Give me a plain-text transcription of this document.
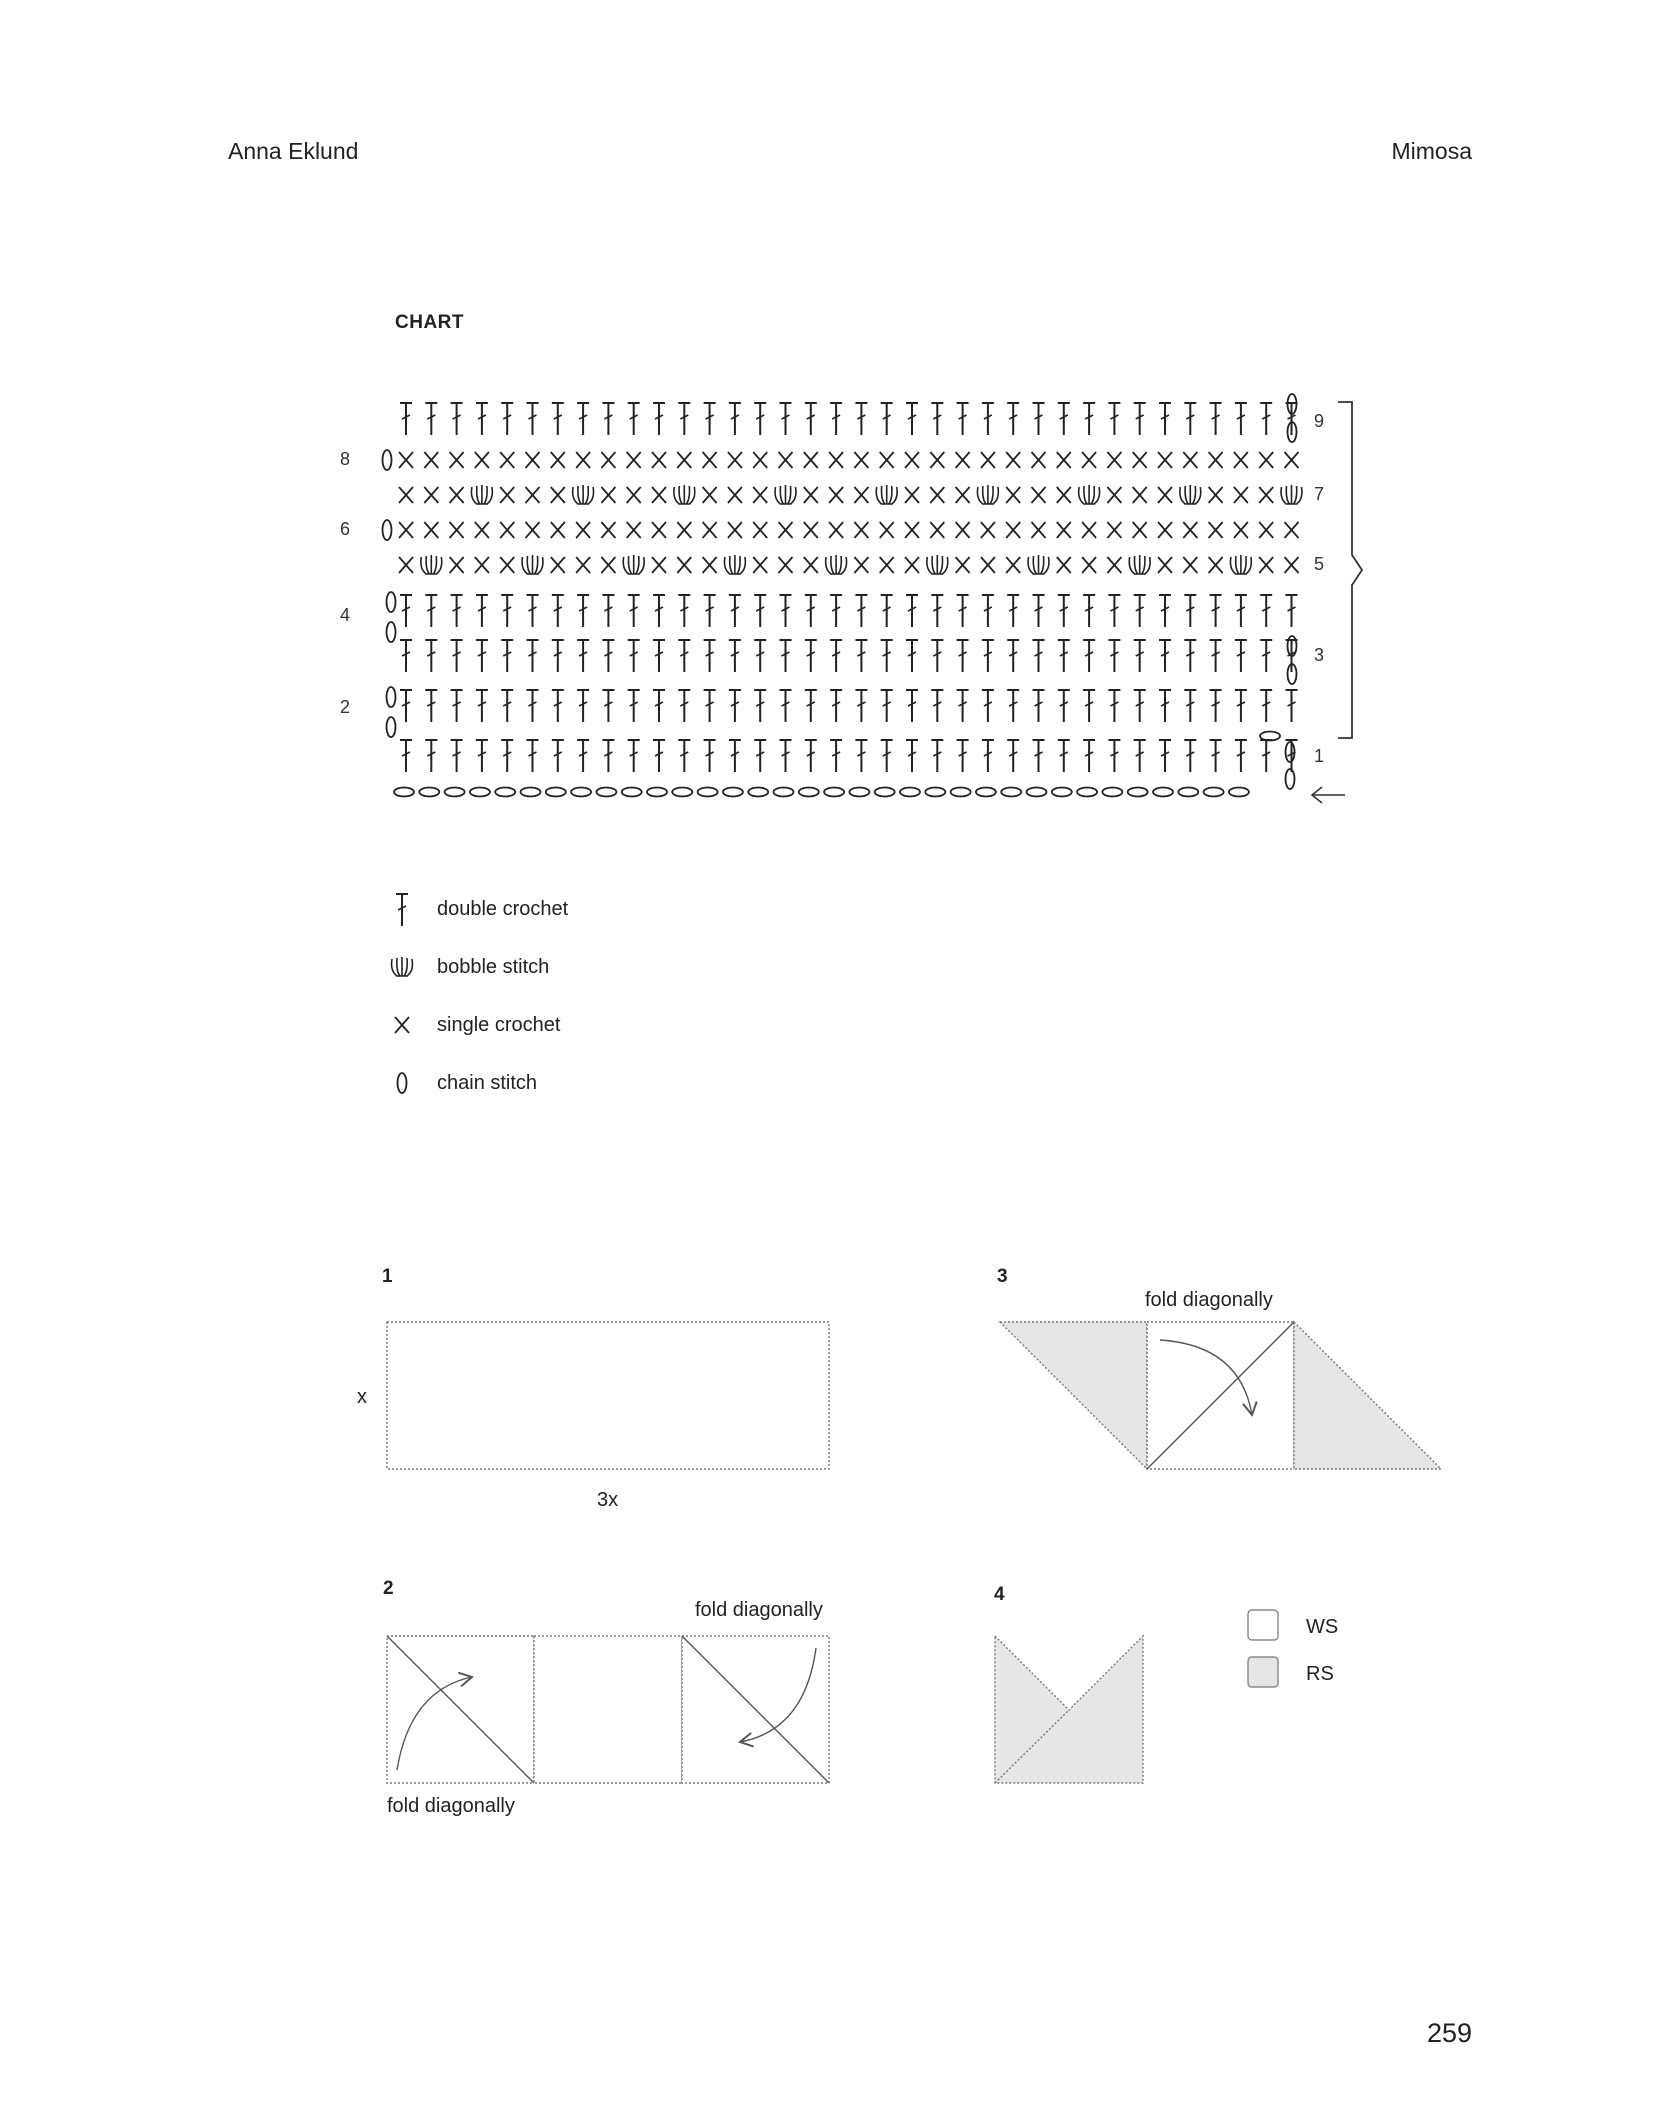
Anna Eklund	Mimosa
CHART
8
6
4
2
9
7
5
3
1
double crochet
bobble stitch
single crochet
chain stitch
1
x
3x
2
fold diagonally
fold diagonally
3
fold diagonally
4
WS
RS
259
